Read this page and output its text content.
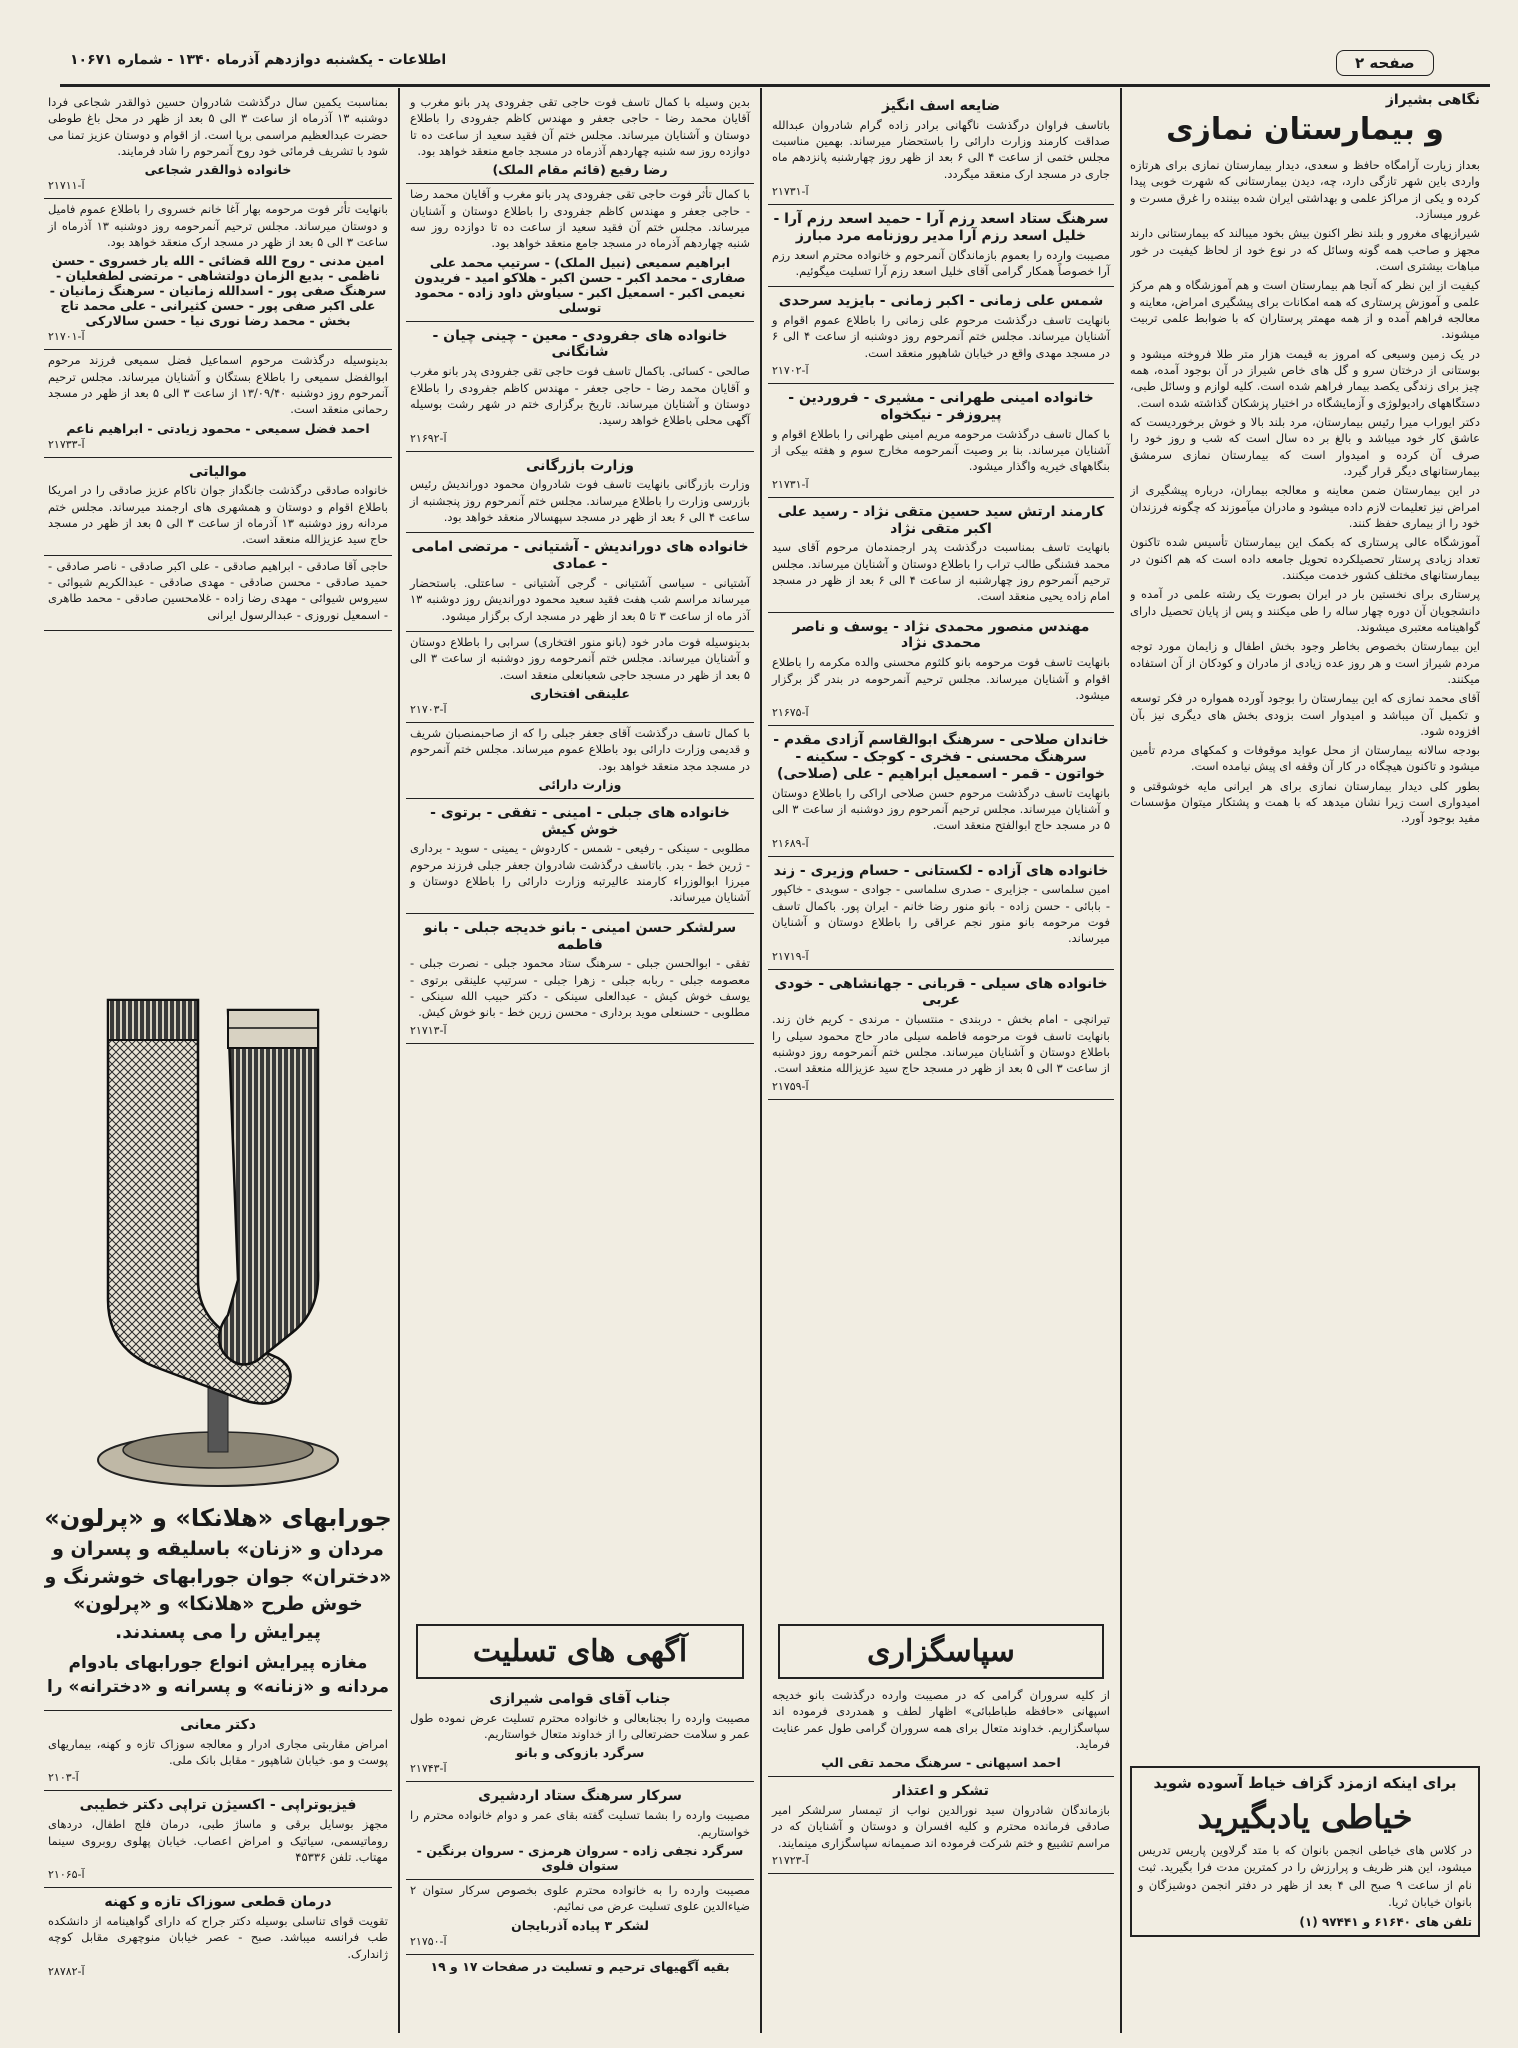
اطلاعات - یکشنبه دوازدهم آذرماه ۱۳۴۰ - شماره ۱۰۶۷۱	صفحه ۲
نگاهی بشیراز
و بیمارستان نمازی

بعداز زیارت آرامگاه حافظ و سعدی، دیدار بیمارستان نمازی برای هرتازه واردی باین شهر تازگی دارد، چه، دیدن بیمارستانی که شهرت خوبی پیدا کرده و یکی از مراکز علمی و بهداشتی ایران شده بیننده را غرق مسرت و غرور میسازد.

شیرازیهای مغرور و بلند نظر اکنون بیش بخود میبالند که بیمارستانی دارند مجهز و صاحب همه گونه وسائل که در نوع خود از لحاظ کیفیت در خور مباهات بیشتری است.

کیفیت از این نظر که آنجا هم بیمارستان است و هم آموزشگاه و هم مرکز علمی و آموزش پرستاری که همه امکانات برای پیشگیری امراض، معاینه و معالجه فراهم آمده و از همه مهمتر پرستاران که با ضوابط علمی تربیت میشوند.

در یک زمین وسیعی که امروز به قیمت هزار متر طلا فروخته میشود و بوستانی از درختان سرو و گل های خاص شیراز در آن بوجود آمده، همه چیز برای زندگی یکصد بیمار فراهم شده است. کلیه لوازم و وسائل طبی، دستگاههای رادیولوژی و آزمایشگاه در اختیار پزشکان گذاشته شده است.

دکتر ایوراب میرا رئیس بیمارستان، مرد بلند بالا و خوش برخوردیست که عاشق کار خود میباشد و بالغ بر ده سال است که شب و روز خود را صرف آن کرده و امیدوار است که بیمارستان نمازی سرمشق بیمارستانهای دیگر قرار گیرد.

در این بیمارستان ضمن معاینه و معالجه بیماران، درباره پیشگیری از امراض نیز تعلیمات لازم داده میشود و مادران میآموزند که چگونه فرزندان خود را از بیماری حفظ کنند.

آموزشگاه عالی پرستاری که بکمک این بیمارستان تأسیس شده تاکنون تعداد زیادی پرستار تحصیلکرده تحویل جامعه داده است که هم اکنون در بیمارستانهای مختلف کشور خدمت میکنند.

پرستاری برای نخستین بار در ایران بصورت یک رشته علمی در آمده و دانشجویان آن دوره چهار ساله را طی میکنند و پس از پایان تحصیل دارای گواهینامه معتبری میشوند.

این بیمارستان بخصوص بخاطر وجود بخش اطفال و زایمان مورد توجه مردم شیراز است و هر روز عده زیادی از مادران و کودکان از آن استفاده میکنند.

آقای محمد نمازی که این بیمارستان را بوجود آورده همواره در فکر توسعه و تکمیل آن میباشد و امیدوار است بزودی بخش های دیگری نیز بآن افزوده شود.

بودجه سالانه بیمارستان از محل عواید موقوفات و کمکهای مردم تأمین میشود و تاکنون هیچگاه در کار آن وقفه ای پیش نیامده است.

بطور کلی دیدار بیمارستان نمازی برای هر ایرانی مایه خوشوقتی و امیدواری است زیرا نشان میدهد که با همت و پشتکار میتوان مؤسسات مفید بوجود آورد.

برای اینکه ازمزد گزاف خیاط آسوده شوید
خیاطی یادبگیرید
در کلاس های خیاطی انجمن بانوان که با متد گرلاوین پاریس تدریس میشود، این هنر ظریف و پرارزش را در کمترین مدت فرا بگیرید. ثبت نام از ساعت ۹ صبح الی ۴ بعد از ظهر در دفتر انجمن دوشیزگان و بانوان خیابان ثریا.
تلفن های ۶۱۶۴۰ و ۹۷۴۴۱ (۱)
ضایعه اسف انگیز

باتاسف فراوان درگذشت ناگهانی برادر زاده گرام شادروان عبدالله صداقت کارمند وزارت دارائی را باستحضار میرساند. بهمین مناسبت مجلس ختمی از ساعت ۴ الی ۶ بعد از ظهر روز چهارشنبه پانزدهم ماه جاری در مسجد ارک منعقد میگردد.

آ-۲۱۷۳۱
سرهنگ ستاد اسعد رزم آرا - حمید اسعد رزم آرا - خلیل اسعد رزم آرا مدیر روزنامه مرد مبارز

مصیبت وارده را بعموم بازماندگان آنمرحوم و خانواده محترم اسعد رزم آرا خصوصاً همکار گرامی آقای خلیل اسعد رزم آرا تسلیت میگوئیم.

شمس علی زمانی - اکبر زمانی - بایزید سرحدی

بانهایت تاسف درگذشت مرحوم علی زمانی را باطلاع عموم اقوام و آشنایان میرساند. مجلس ختم آنمرحوم روز دوشنبه از ساعت ۴ الی ۶ در مسجد مهدی واقع در خیابان شاهپور منعقد است.

آ-۲۱۷۰۲
خانواده امینی طهرانی - مشیری - فروردین - پیروزفر - نیکخواه

با کمال تاسف درگذشت مرحومه مریم امینی طهرانی را باطلاع اقوام و آشنایان میرساند. بنا بر وصیت آنمرحومه مخارج سوم و هفته بیکی از بنگاههای خیریه واگذار میشود.

آ-۲۱۷۳۱
کارمند ارتش سید حسین متقی نژاد - رسید علی اکبر متقی نژاد

بانهایت تاسف بمناسبت درگذشت پدر ارجمندمان مرحوم آقای سید محمد فشنگی طالب تراب را باطلاع دوستان و آشنایان میرساند. مجلس ترحیم آنمرحوم روز چهارشنبه از ساعت ۴ الی ۶ بعد از ظهر در مسجد امام زاده یحیی منعقد است.

مهندس منصور محمدی نژاد - یوسف و ناصر محمدی نژاد

بانهایت تاسف فوت مرحومه بانو کلثوم محسنی والده مکرمه را باطلاع اقوام و آشنایان میرساند. مجلس ترحیم آنمرحومه در بندر گز برگزار میشود.

آ-۲۱۶۷۵
خاندان صلاحی - سرهنگ ابوالقاسم آزادی مقدم - سرهنگ محسنی - فخری - کوجک - سکینه - خواتون - قمر - اسمعیل ابراهیم - علی (صلاحی)

بانهایت تاسف درگذشت مرحوم حسن صلاحی اراکی را باطلاع دوستان و آشنایان میرساند. مجلس ترحیم آنمرحوم روز دوشنبه از ساعت ۳ الی ۵ در مسجد حاج ابوالفتح منعقد است.

آ-۲۱۶۸۹
خانواده های آزاده - لکستانی - حسام وزیری - زند

امین سلماسی - جزایری - صدری سلماسی - جوادی - سویدی - خاکپور - بابائی - حسن زاده - بانو منور رضا خانم - ایران پور. باکمال تاسف فوت مرحومه بانو منور نجم عراقی را باطلاع دوستان و آشنایان میرساند.

آ-۲۱۷۱۹
خانواده های سیلی - قربانی - جهانشاهی - خودی عربی

تیرانچی - امام بخش - دربندی - منتسبان - مرندی - کریم خان زند. بانهایت تاسف فوت مرحومه فاطمه سیلی مادر حاج محمود سیلی را باطلاع دوستان و آشنایان میرساند. مجلس ختم آنمرحومه روز دوشنبه از ساعت ۳ الی ۵ بعد از ظهر در مسجد حاج سید عزیزالله منعقد است.

آ-۲۱۷۵۹
سپاسگزاری

از کلیه سروران گرامی که در مصیبت وارده درگذشت بانو خدیجه اسپهانی «حافظه طباطبائی» اظهار لطف و همدردی فرموده اند سپاسگزاریم. خداوند متعال برای همه سروران گرامی طول عمر عنایت فرماید.

احمد اسپهانی - سرهنگ محمد تقی الپ
تشکر و اعتذار

بازماندگان شادروان سید نورالدین نواب از تیمسار سرلشکر امیر صادقی فرمانده محترم و کلیه افسران و دوستان و آشنایان که در مراسم تشییع و ختم شرکت فرموده اند صمیمانه سپاسگزاری مینمایند.

آ-۲۱۷۲۳

بدین وسیله با کمال تاسف فوت حاجی تقی جفرودی پدر بانو مغرب و آقایان محمد رضا - حاجی جعفر و مهندس کاظم جفرودی را باطلاع دوستان و آشنایان میرساند. مجلس ختم آن فقید سعید از ساعت ده تا دوازده روز سه شنبه چهاردهم آذرماه در مسجد جامع منعقد خواهد بود.

رضا رفیع (قائم مقام الملک)

با کمال تأثر فوت حاجی تقی جفرودی پدر بانو مغرب و آقایان محمد رضا - حاجی جعفر و مهندس کاظم جفرودی را باطلاع دوستان و آشنایان میرساند. مجلس ختم آن فقید سعید از ساعت ده تا دوازده روز سه شنبه چهاردهم آذرماه در مسجد جامع منعقد خواهد بود.

ابراهیم سمیعی (نبیل الملک) - سرتیپ محمد علی صفاری - محمد اکبر - حسن اکبر - هلاکو امید - فریدون نعیمی اکبر - اسمعیل اکبر - سیاوش داود زاده - محمود توسلی
خانواده های جفرودی - معین - چینی چیان - شانگانی

صالحی - کسائی. باکمال تاسف فوت حاجی تقی جفرودی پدر بانو مغرب و آقایان محمد رضا - حاجی جعفر - مهندس کاظم جفرودی را باطلاع دوستان و آشنایان میرساند. تاریخ برگزاری ختم در شهر رشت بوسیله آگهی محلی باطلاع خواهد رسید.

آ-۲۱۶۹۲
وزارت بازرگانی

وزارت بازرگانی بانهایت تاسف فوت شادروان محمود دوراندیش رئیس بازرسی وزارت را باطلاع میرساند. مجلس ختم آنمرحوم روز پنجشنبه از ساعت ۴ الی ۶ بعد از ظهر در مسجد سپهسالار منعقد خواهد بود.

خانواده های دوراندیش - آشتیانی - مرتضی امامی - عمادی

آشتیانی - سیاسی آشتیانی - گرجی آشتیانی - ساعتلی. باستحضار میرساند مراسم شب هفت فقید سعید محمود دوراندیش روز دوشنبه ۱۳ آذر ماه از ساعت ۳ تا ۵ بعد از ظهر در مسجد ارک برگزار میشود.

بدینوسیله فوت مادر خود (بانو منور افتخاری) سرابی را باطلاع دوستان و آشنایان میرساند. مجلس ختم آنمرحومه روز دوشنبه از ساعت ۳ الی ۵ بعد از ظهر در مسجد حاجی شعبانعلی منعقد است.

علینقی افتخاری
آ-۲۱۷۰۳

با کمال تاسف درگذشت آقای جعفر جبلی را که از صاحبمنصبان شریف و قدیمی وزارت دارائی بود باطلاع عموم میرساند. مجلس ختم آنمرحوم در مسجد مجد منعقد خواهد بود.

وزارت دارائی
خانواده های جبلی - امینی - تفقی - برتوی - خوش کیش

مطلوبی - سینکی - رفیعی - شمس - کاردوش - یمینی - سوید - برداری - ژرین خط - بدر. باتاسف درگذشت شادروان جعفر جبلی فرزند مرحوم میرزا ابوالوزراء کارمند عالیرتبه وزارت دارائی را باطلاع دوستان و آشنایان میرساند.

سرلشکر حسن امینی - بانو خدیجه جبلی - بانو فاطمه

تفقی - ابوالحسن جبلی - سرهنگ ستاد محمود جبلی - نصرت جبلی - معصومه جبلی - ربابه جبلی - زهرا جبلی - سرتیپ علینقی برتوی - یوسف خوش کیش - عبدالعلی سینکی - دکتر حبیب الله سینکی - مطلوبی - حسنعلی موید برداری - محسن زرین خط - بانو خوش کیش.

آ-۲۱۷۱۳
آگهی های تسلیت
جناب آقای قوامی شیرازی

مصیبت وارده را بجنابعالی و خانواده محترم تسلیت عرض نموده طول عمر و سلامت حضرتعالی را از خداوند متعال خواستاریم.

سرگرد بازوکی و بانو
آ-۲۱۷۴۳
سرکار سرهنگ ستاد اردشیری

مصیبت وارده را بشما تسلیت گفته بقای عمر و دوام خانواده محترم را خواستاریم.

سرگرد نجفی زاده - سروان هرمزی - سروان برنگین - ستوان فلوی

مصیبت وارده را به خانواده محترم علوی بخصوص سرکار ستوان ۲ ضیاءالدین علوی تسلیت عرض می نمائیم.

لشکر ۳ پیاده آذربایجان
آ-۲۱۷۵۰
بقیه آگهیهای ترحیم و تسلیت در صفحات ۱۷ و ۱۹

بمناسبت یکمین سال درگذشت شادروان حسین ذوالقدر شجاعی فردا دوشنبه ۱۳ آذرماه از ساعت ۳ الی ۵ بعد از ظهر در محل باغ طوطی حضرت عبدالعظیم مراسمی برپا است. از اقوام و دوستان عزیز تمنا می شود با تشریف فرمائی خود روح آنمرحوم را شاد فرمایند.

خانواده ذوالقدر شجاعی
آ-۲۱۷۱۱

بانهایت تأثر فوت مرحومه بهار آغا خانم خسروی را باطلاع عموم فامیل و دوستان میرساند. مجلس ترحیم آنمرحومه روز دوشنبه ۱۳ آذرماه از ساعت ۳ الی ۵ بعد از ظهر در مسجد ارک منعقد خواهد بود.

امین مدنی - روح الله قضائی - الله یار خسروی - حسن ناظمی - بدیع الزمان دولتشاهی - مرتضی لطفعلیان - سرهنگ صفی پور - اسدالله زمانیان - سرهنگ زمانیان - علی اکبر صفی پور - حسن کثیرانی - علی محمد تاج بخش - محمد رضا نوری نیا - حسن سالارکی
آ-۲۱۷۰۱

بدینوسیله درگذشت مرحوم اسماعیل فضل سمیعی فرزند مرحوم ابوالفضل سمیعی را باطلاع بستگان و آشنایان میرساند. مجلس ترحیم آنمرحوم روز دوشنبه ۱۳/۰۹/۴۰ از ساعت ۳ الی ۵ بعد از ظهر در مسجد رحمانی منعقد است.

احمد فضل سمیعی - محمود زیادتی - ابراهیم ناعم
آ-۲۱۷۳۳
موالیاتی

خانواده صادقی درگذشت جانگداز جوان ناکام عزیز صادقی را در امریکا باطلاع اقوام و دوستان و همشهری های ارجمند میرساند. مجلس ختم مردانه روز دوشنبه ۱۳ آذرماه از ساعت ۳ الی ۵ بعد از ظهر در مسجد حاج سید عزیزالله منعقد است.

حاجی آقا صادقی - ابراهیم صادقی - علی اکبر صادقی - ناصر صادقی - حمید صادقی - محسن صادقی - مهدی صادقی - عبدالکریم شیوائی - سیروس شیوائی - مهدی رضا زاده - غلامحسین صادقی - محمد طاهری - اسمعیل نوروزی - عبدالرسول ایرانی

جورابهای «هلانکا» و «پرلون»
مردان و «زنان» باسلیقه و پسران و «دختران» جوان جورابهای خوشرنگ و خوش طرح «هلانکا» و «پرلون» پیرایش را می پسندند.
مغازه پیرایش انواع جورابهای بادوام مردانه و «زنانه» و پسرانه و «دخترانه» را
دکتر معانی

امراض مقاربتی مجاری ادرار و معالجه سوزاک تازه و کهنه، بیماریهای پوست و مو. خیابان شاهپور - مقابل بانک ملی.

آ-۲۱۰۳
فیزیوتراپی - اکسیژن تراپی دکتر خطیبی

مجهز بوسایل برقی و ماساژ طبی، درمان فلج اطفال، دردهای روماتیسمی، سیاتیک و امراض اعصاب. خیابان پهلوی روبروی سینما مهتاب. تلفن ۴۵۳۳۶

آ-۲۱۰۶۵
درمان قطعی سوزاک تازه و کهنه

تقویت قوای تناسلی بوسیله دکتر جراح که دارای گواهینامه از دانشکده طب فرانسه میباشد. صبح - عصر خیابان منوچهری مقابل کوچه ژاندارک.

آ-۲۸۷۸۲
